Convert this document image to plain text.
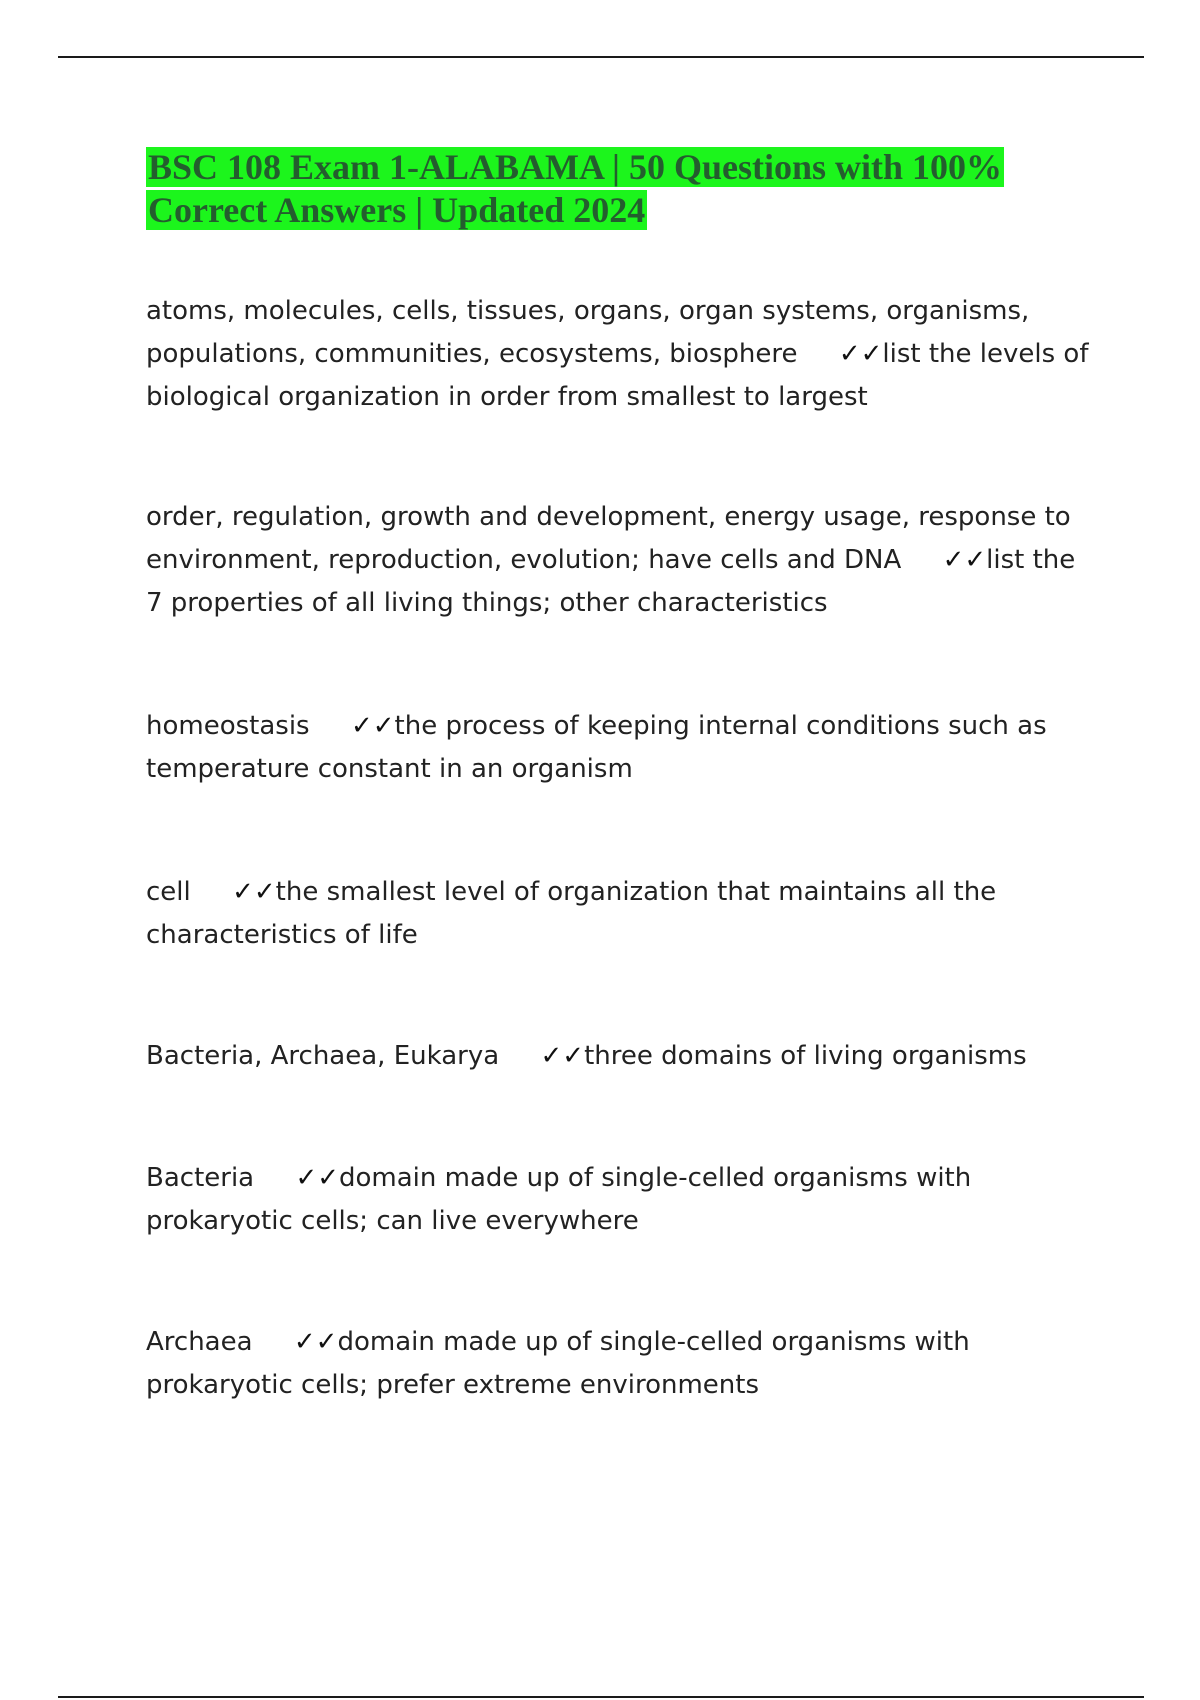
BSC 108 Exam 1-ALABAMA | 50 Questions with 100%
Correct Answers | Updated 2024

atoms, molecules, cells, tissues, organs, organ systems, organisms, populations, communities, ecosystems, biosphere ✓✓list the levels of biological organization in order from smallest to largest

order, regulation, growth and development, energy usage, response to environment, reproduction, evolution; have cells and DNA ✓✓list the 7 properties of all living things; other characteristics

homeostasis ✓✓the process of keeping internal conditions such as temperature constant in an organism

cell ✓✓the smallest level of organization that maintains all the characteristics of life

Bacteria, Archaea, Eukarya ✓✓three domains of living organisms

Bacteria ✓✓domain made up of single-celled organisms with prokaryotic cells; can live everywhere

Archaea ✓✓domain made up of single-celled organisms with prokaryotic cells; prefer extreme environments
